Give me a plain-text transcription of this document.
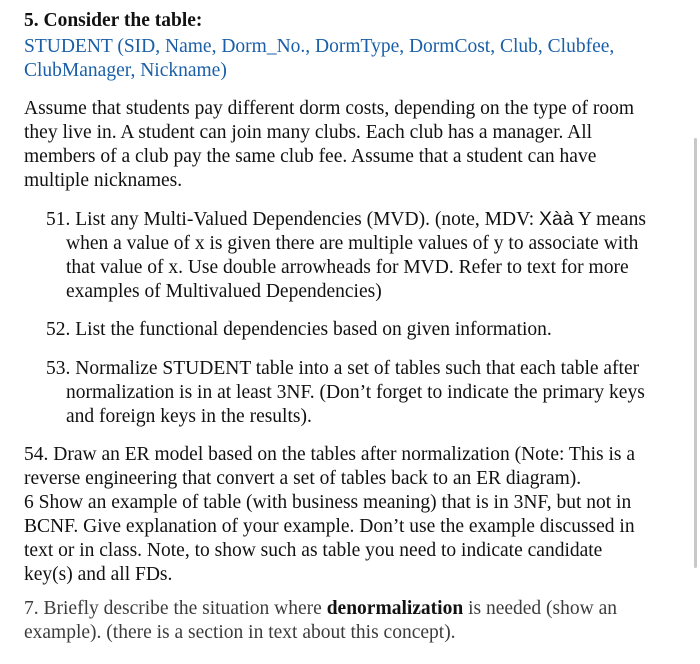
5. Consider the table:
STUDENT (SID, Name, Dorm_No., DormType, DormCost, Club, Clubfee,
ClubManager, Nickname)
Assume that students pay different dorm costs, depending on the type of room
they live in. A student can join many clubs. Each club has a manager. All
members of a club pay the same club fee. Assume that a student can have
multiple nicknames.
51. List any Multi-Valued Dependencies (MVD). (note, MDV: Xàà Y means
when a value of x is given there are multiple values of y to associate with
that value of x. Use double arrowheads for MVD. Refer to text for more
examples of Multivalued Dependencies)
52. List the functional dependencies based on given information.
53. Normalize STUDENT table into a set of tables such that each table after
normalization is in at least 3NF. (Don’t forget to indicate the primary keys
and foreign keys in the results).
54. Draw an ER model based on the tables after normalization (Note: This is a
reverse engineering that convert a set of tables back to an ER diagram).
6 Show an example of table (with business meaning) that is in 3NF, but not in
BCNF. Give explanation of your example. Don’t use the example discussed in
text or in class. Note, to show such as table you need to indicate candidate
key(s) and all FDs.
7. Briefly describe the situation where denormalization is needed (show an
example). (there is a section in text about this concept).
